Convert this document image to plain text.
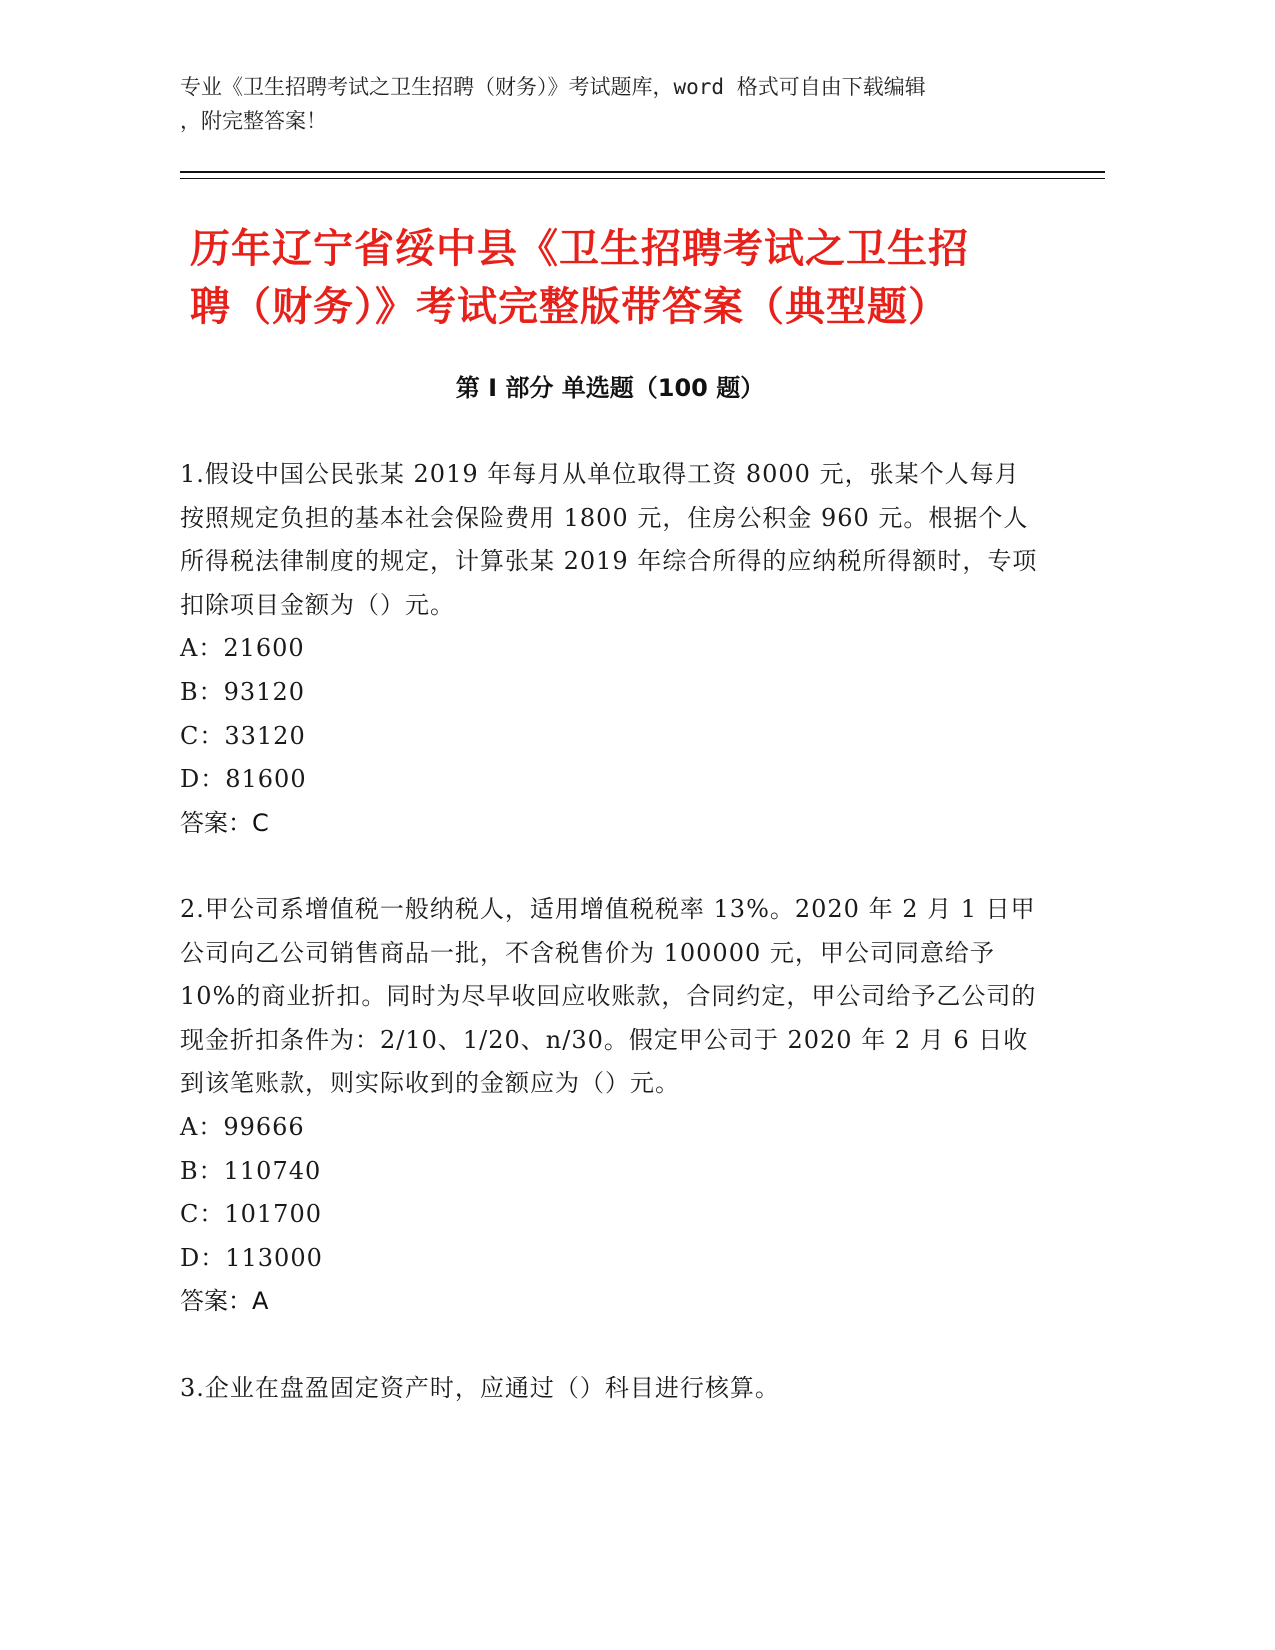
专业《卫生招聘考试之卫生招聘（财务）》考试题库，word 格式可自由下载编辑
，附完整答案！
历年辽宁省绥中县《卫生招聘考试之卫生招
聘（财务）》考试完整版带答案（典型题）
第 I 部分 单选题（100 题）

1.假设中国公民张某 2019 年每月从单位取得工资 8000 元，张某个人每月按照规定负担的基本社会保险费用 1800 元，住房公积金 960 元。根据个人所得税法律制度的规定，计算张某 2019 年综合所得的应纳税所得额时，专项扣除项目金额为（）元。

A：21600

B：93120

C：33120

D：81600

答案：C

2.甲公司系增值税一般纳税人，适用增值税税率 13%。2020 年 2 月 1 日甲公司向乙公司销售商品一批，不含税售价为 100000 元，甲公司同意给予 10%的商业折扣。同时为尽早收回应收账款，合同约定，甲公司给予乙公司的现金折扣条件为：2/10、1/20、n/30。假定甲公司于 2020 年 2 月 6 日收到该笔账款，则实际收到的金额应为（）元。

A：99666

B：110740

C：101700

D：113000

答案：A

3.企业在盘盈固定资产时，应通过（）科目进行核算。
